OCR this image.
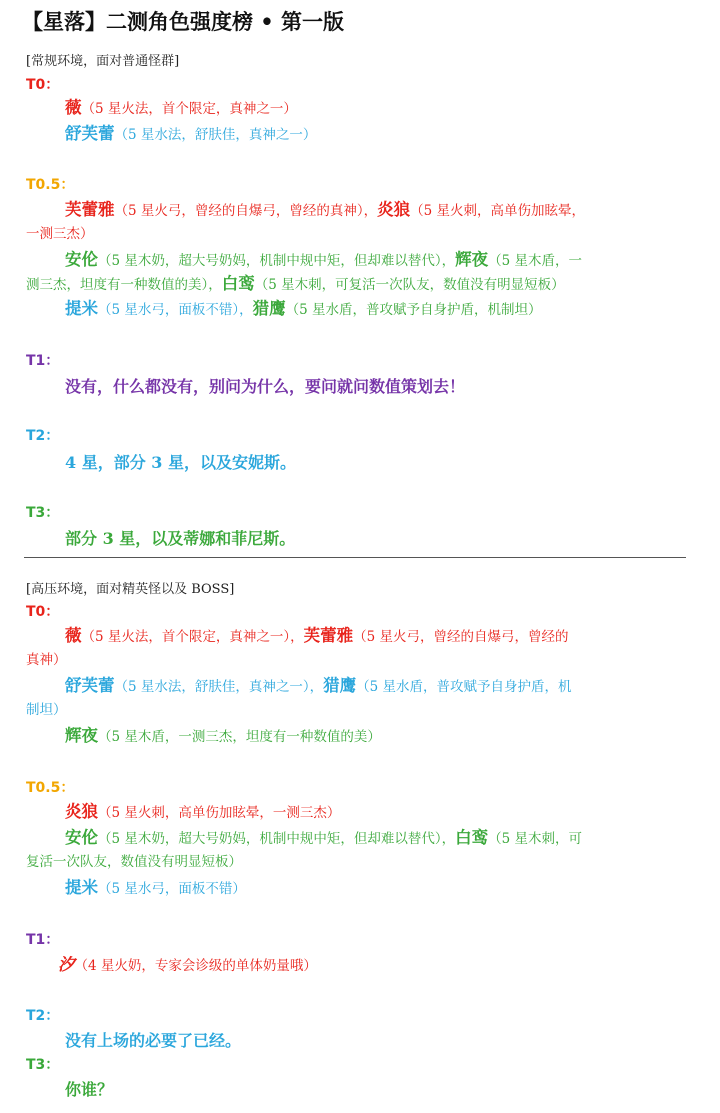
【星落】二测角色强度榜 • 第一版
[常规环境，面对普通怪群]
T0：
薇（5 星火法，首个限定，真神之一）
舒芙蕾（5 星水法，舒肤佳，真神之一）
T0.5：
芙蕾雅（5 星火弓，曾经的自爆弓，曾经的真神），炎狼（5 星火刺，高单伤加眩晕，
一测三杰）
安伦（5 星木奶，超大号奶妈，机制中规中矩，但却难以替代），辉夜（5 星木盾，一
测三杰，坦度有一种数值的美），白鸾（5 星木刺，可复活一次队友，数值没有明显短板）
提米（5 星水弓，面板不错），猎鹰（5 星水盾，普攻赋予自身护盾，机制坦）
T1：
没有，什么都没有，别问为什么，要问就问数值策划去！
T2：
4 星，部分 3 星，以及安妮斯。
T3：
部分 3 星，以及蒂娜和菲尼斯。
[高压环境，面对精英怪以及 BOSS]
T0：
薇（5 星火法，首个限定，真神之一），芙蕾雅（5 星火弓，曾经的自爆弓，曾经的
真神）
舒芙蕾（5 星水法，舒肤佳，真神之一），猎鹰（5 星水盾，普攻赋予自身护盾，机
制坦）
辉夜（5 星木盾，一测三杰，坦度有一种数值的美）
T0.5：
炎狼（5 星火刺，高单伤加眩晕，一测三杰）
安伦（5 星木奶，超大号奶妈，机制中规中矩，但却难以替代），白鸾（5 星木刺，可
复活一次队友，数值没有明显短板）
提米（5 星水弓，面板不错）
T1：
汐（4 星火奶，专家会诊级的单体奶量哦）
T2：
没有上场的必要了已经。
T3：
你谁？
